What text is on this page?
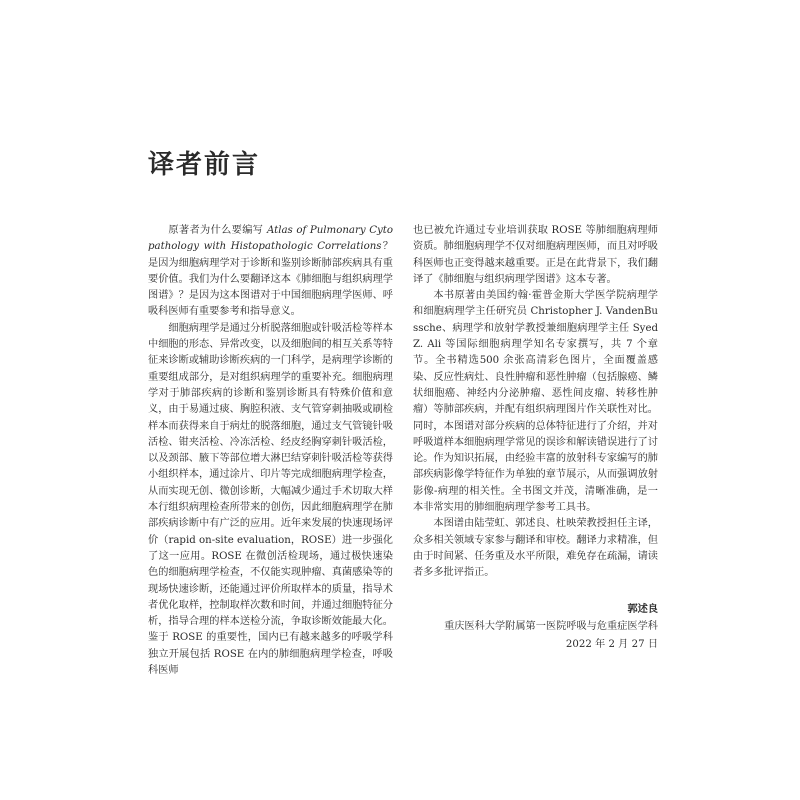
译者前言

原著者为什么要编写 Atlas of Pulmonary Cytopathology with Histopathologic Correlations？是因为细胞病理学对于诊断和鉴别诊断肺部疾病具有重要价值。我们为什么要翻译这本《肺细胞与组织病理学图谱》？是因为这本图谱对于中国细胞病理学医师、呼吸科医师有重要参考和指导意义。

细胞病理学是通过分析脱落细胞或针吸活检等样本中细胞的形态、异常改变，以及细胞间的相互关系等特征来诊断或辅助诊断疾病的一门科学，是病理学诊断的重要组成部分，是对组织病理学的重要补充。细胞病理学对于肺部疾病的诊断和鉴别诊断具有特殊价值和意义，由于易通过痰、胸腔积液、支气管穿刺抽吸或刷检样本而获得来自于病灶的脱落细胞，通过支气管镜针吸活检、钳夹活检、冷冻活检、经皮经胸穿刺针吸活检，以及颈部、腋下等部位增大淋巴结穿刺针吸活检等获得小组织样本，通过涂片、印片等完成细胞病理学检查，从而实现无创、微创诊断，大幅减少通过手术切取大样本行组织病理检查所带来的创伤，因此细胞病理学在肺部疾病诊断中有广泛的应用。近年来发展的快速现场评价（rapid on-site evaluation，ROSE）进一步强化了这一应用。ROSE 在微创活检现场，通过极快速染色的细胞病理学检查，不仅能实现肿瘤、真菌感染等的现场快速诊断，还能通过评价所取样本的质量，指导术者优化取样，控制取样次数和时间，并通过细胞特征分析，指导合理的样本送检分流，争取诊断效能最大化。鉴于 ROSE 的重要性，国内已有越来越多的呼吸学科独立开展包括 ROSE 在内的肺细胞病理学检查，呼吸科医师

也已被允许通过专业培训获取 ROSE 等肺细胞病理师资质。肺细胞病理学不仅对细胞病理医师，而且对呼吸科医师也正变得越来越重要。正是在此背景下，我们翻译了《肺细胞与组织病理学图谱》这本专著。

本书原著由美国约翰·霍普金斯大学医学院病理学和细胞病理学主任研究员 Christopher J. VandenBussche、病理学和放射学教授兼细胞病理学主任 Syed Z. Ali 等国际细胞病理学知名专家撰写，共 7 个章节。全书精选500 余张高清彩色图片，全面覆盖感染、反应性病灶、良性肿瘤和恶性肿瘤（包括腺癌、鳞状细胞癌、神经内分泌肿瘤、恶性间皮瘤、转移性肿瘤）等肺部疾病，并配有组织病理图片作关联性对比。同时，本图谱对部分疾病的总体特征进行了介绍，并对呼吸道样本细胞病理学常见的误诊和解读错误进行了讨论。作为知识拓展，由经验丰富的放射科专家编写的肺部疾病影像学特征作为单独的章节展示，从而强调放射影像-病理的相关性。全书图文并茂，清晰准确，是一本非常实用的肺细胞病理学参考工具书。

本图谱由陆莹虹、郭述良、杜映荣教授担任主译，众多相关领域专家参与翻译和审校。翻译力求精准，但由于时间紧、任务重及水平所限，难免存在疏漏，请读者多多批评指正。

郭述良
重庆医科大学附属第一医院呼吸与危重症医学科
2022 年 2 月 27 日
